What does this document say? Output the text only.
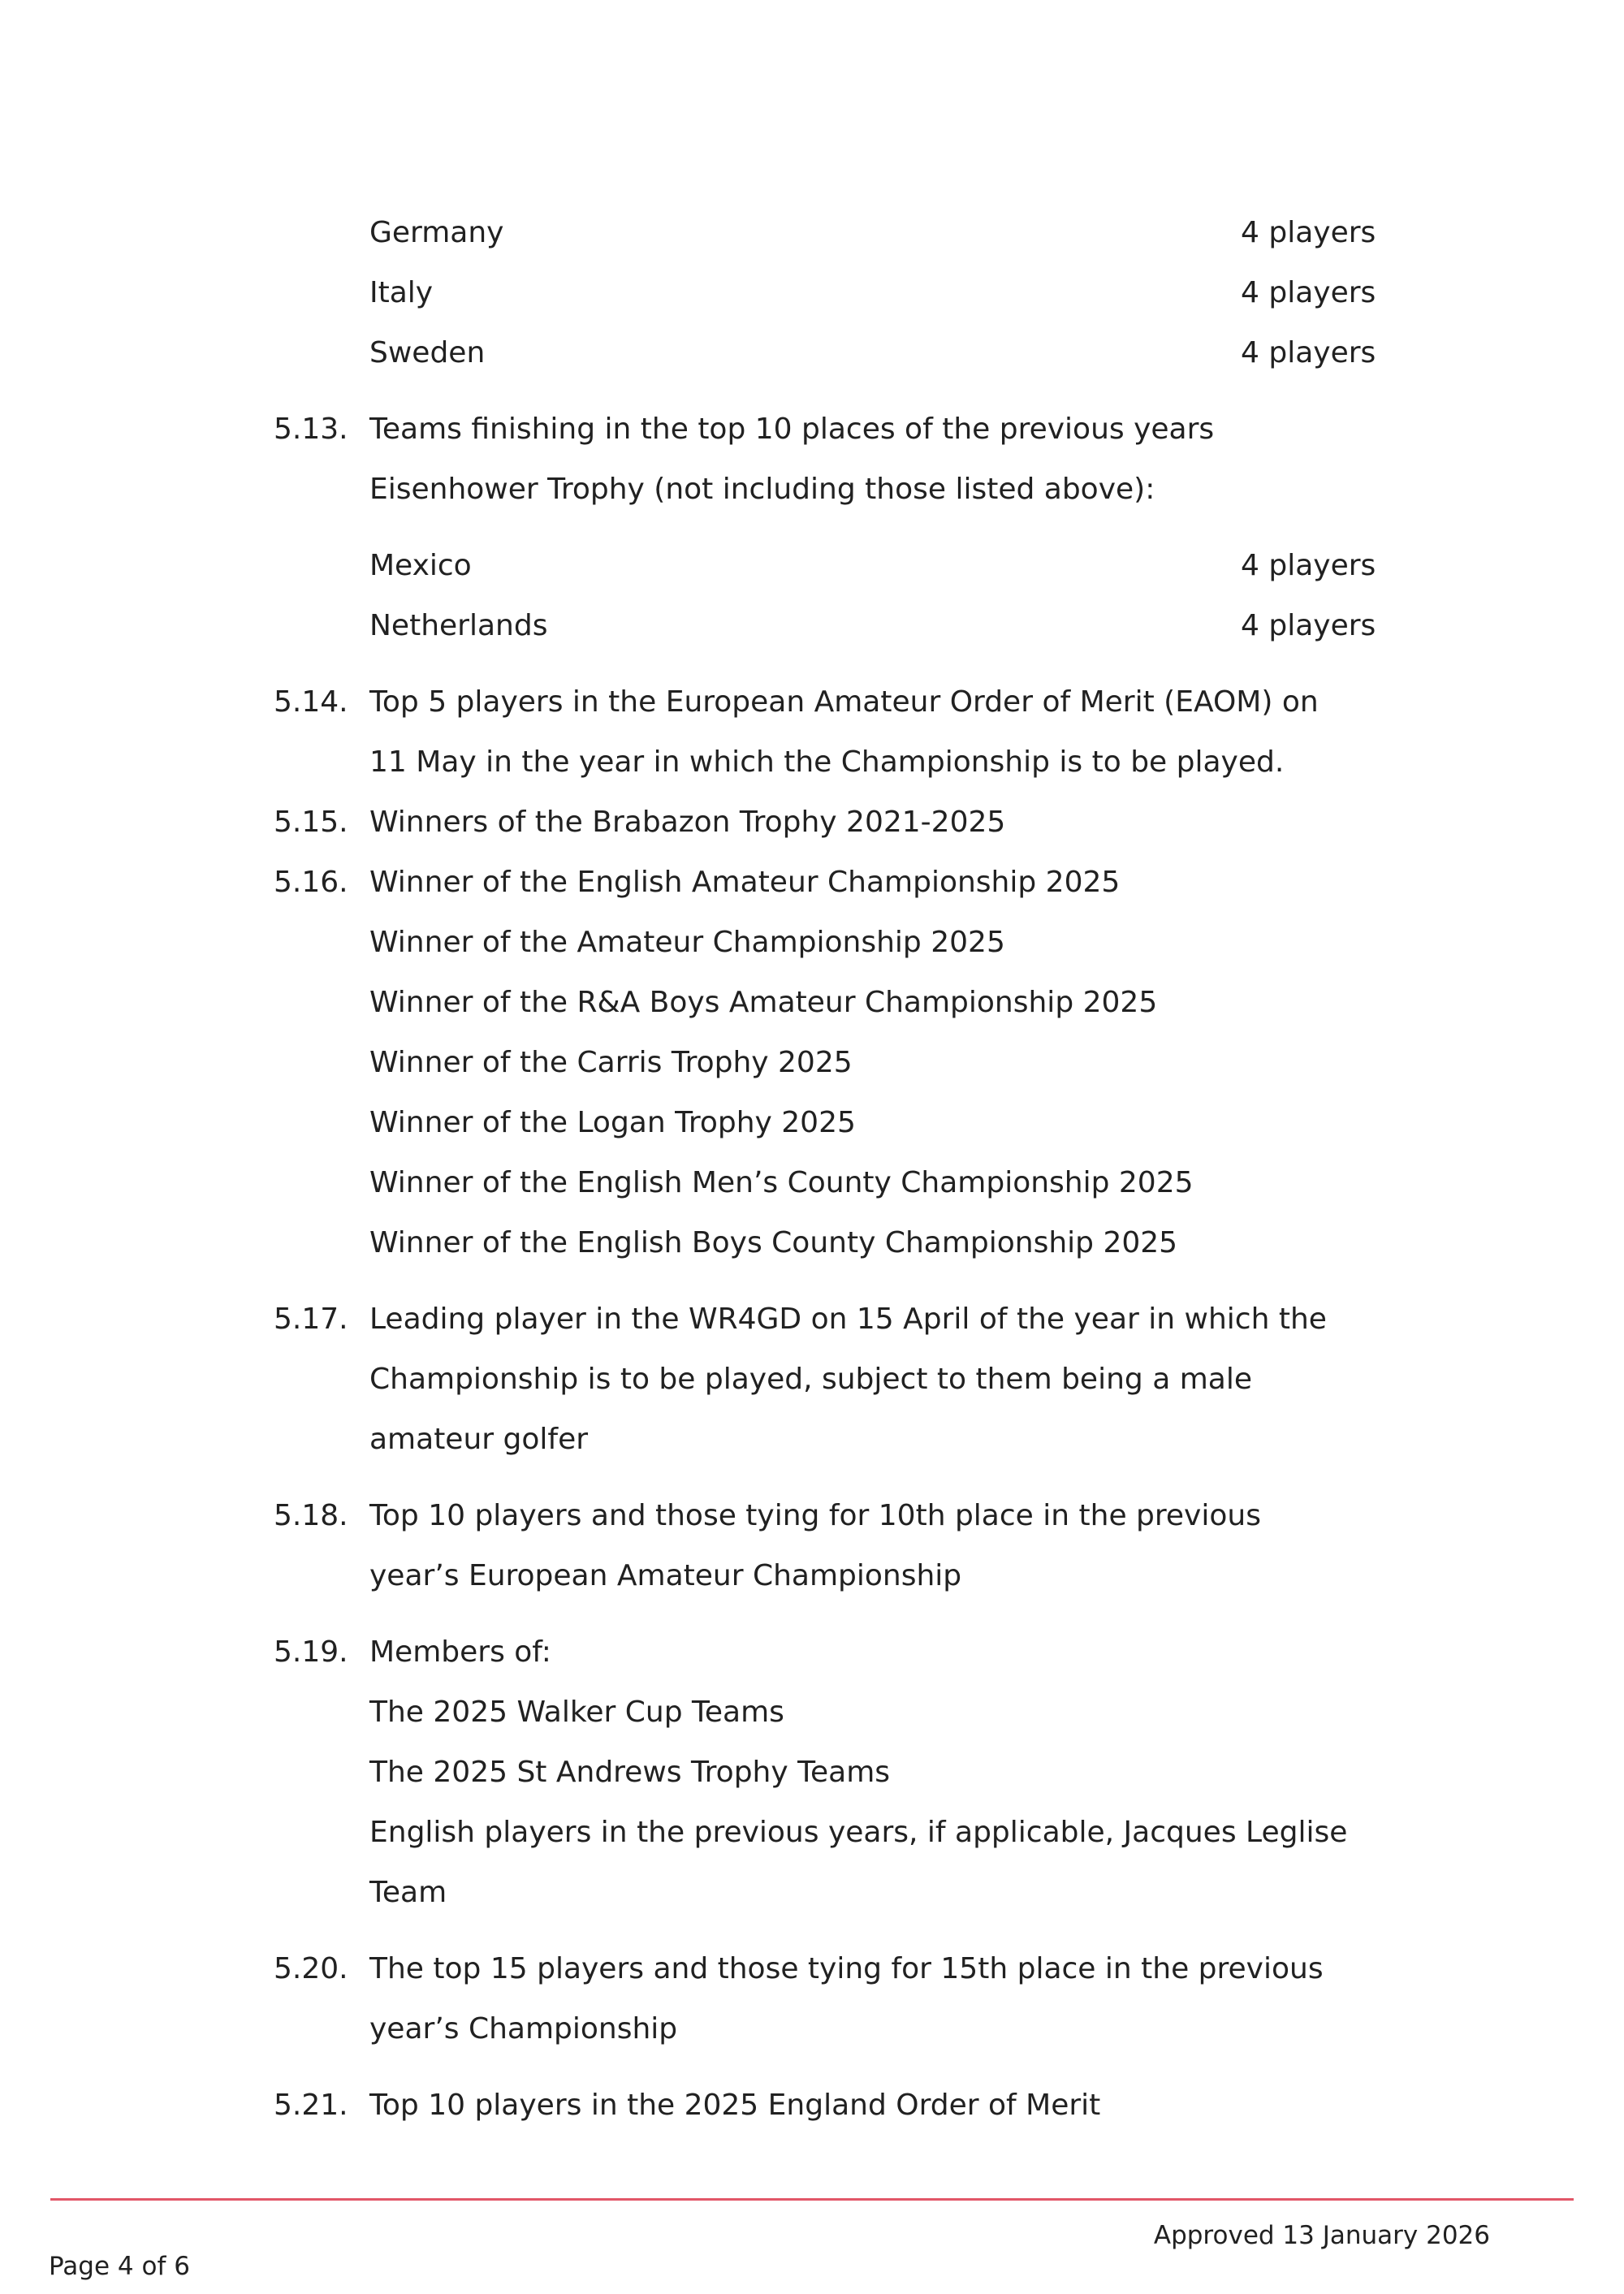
Germany	4 players
Italy	4 players
Sweden	4 players
5.13. Teams finishing in the top 10 places of the previous years
Eisenhower Trophy (not including those listed above):
Mexico	4 players
Netherlands	4 players
5.14. Top 5 players in the European Amateur Order of Merit (EAOM) on
11 May in the year in which the Championship is to be played.
5.15. Winners of the Brabazon Trophy 2021-2025
5.16. Winner of the English Amateur Championship 2025
Winner of the Amateur Championship 2025
Winner of the R&A Boys Amateur Championship 2025
Winner of the Carris Trophy 2025
Winner of the Logan Trophy 2025
Winner of the English Men’s County Championship 2025
Winner of the English Boys County Championship 2025
5.17. Leading player in the WR4GD on 15 April of the year in which the
Championship is to be played, subject to them being a male
amateur golfer
5.18. Top 10 players and those tying for 10th place in the previous
year’s European Amateur Championship
5.19. Members of:
The 2025 Walker Cup Teams
The 2025 St Andrews Trophy Teams
English players in the previous years, if applicable, Jacques Leglise
Team
5.20. The top 15 players and those tying for 15th place in the previous
year’s Championship
5.21. Top 10 players in the 2025 England Order of Merit
Approved 13 January 2026
Page 4 of 6
